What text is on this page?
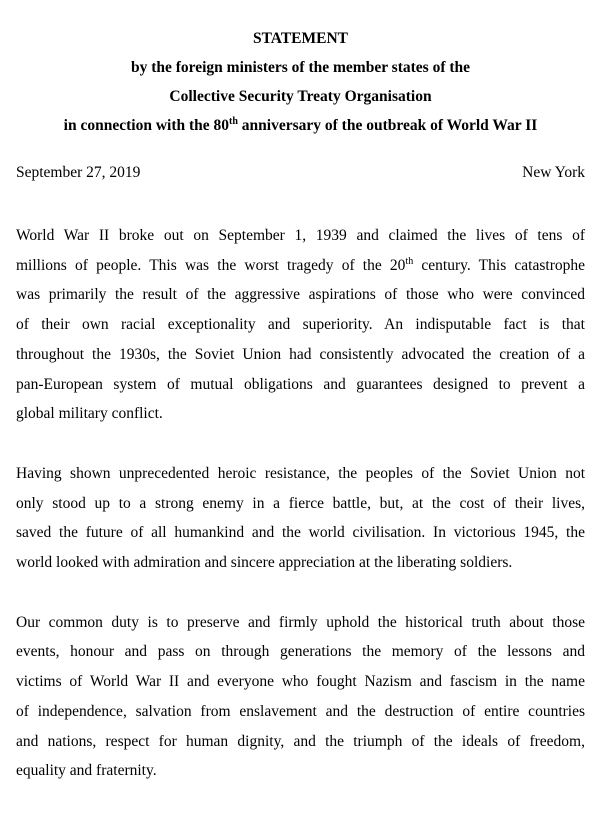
STATEMENT
by the foreign ministers of the member states of the
Collective Security Treaty Organisation
in connection with the 80th anniversary of the outbreak of World War II
September 27, 2019	New York

World War II broke out on September 1, 1939 and claimed the lives of tens of
millions of people. This was the worst tragedy of the 20th century. This catastrophe
was primarily the result of the aggressive aspirations of those who were convinced
of their own racial exceptionality and superiority. An indisputable fact is that
throughout the 1930s, the Soviet Union had consistently advocated the creation of a
pan-European system of mutual obligations and guarantees designed to prevent a
global military conflict.

Having shown unprecedented heroic resistance, the peoples of the Soviet Union not
only stood up to a strong enemy in a fierce battle, but, at the cost of their lives,
saved the future of all humankind and the world civilisation. In victorious 1945, the
world looked with admiration and sincere appreciation at the liberating soldiers.

Our common duty is to preserve and firmly uphold the historical truth about those
events, honour and pass on through generations the memory of the lessons and
victims of World War II and everyone who fought Nazism and fascism in the name
of independence, salvation from enslavement and the destruction of entire countries
and nations, respect for human dignity, and the triumph of the ideals of freedom,
equality and fraternity.
